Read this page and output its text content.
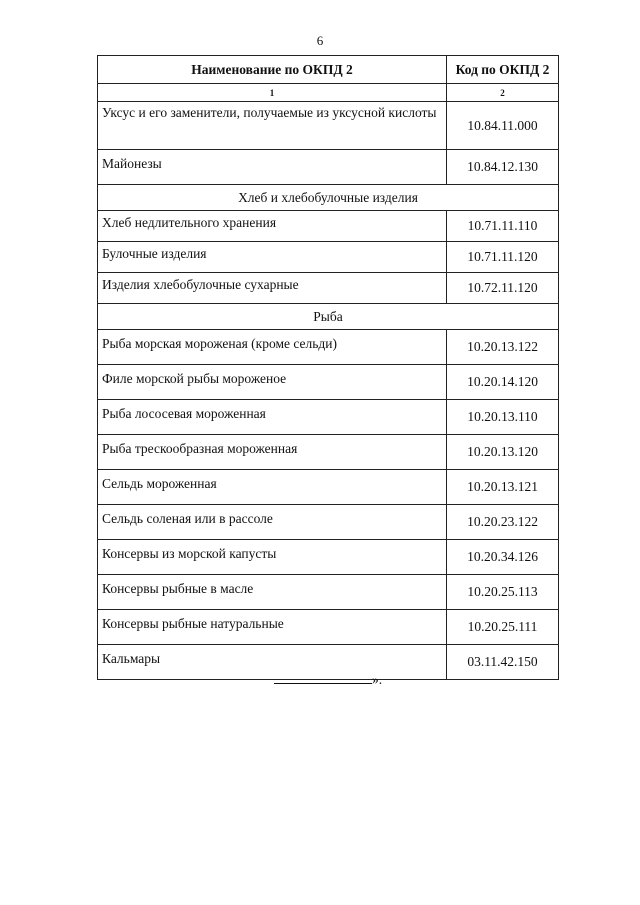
6
Наименование по ОКПД 2	Код по ОКПД 2
1	2
Уксус и его заменители, получаемые из уксусной кислоты	10.84.11.000
Майонезы	10.84.12.130
Хлеб и хлебобулочные изделия	
Хлеб недлительного хранения	10.71.11.110
Булочные изделия	10.71.11.120
Изделия хлебобулочные сухарные	10.72.11.120
Рыба	
Рыба морская мороженая (кроме сельди)	10.20.13.122
Филе морской рыбы мороженое	10.20.14.120
Рыба лососевая мороженная	10.20.13.110
Рыба трескообразная мороженная	10.20.13.120
Сельдь мороженная	10.20.13.121
Сельдь соленая или в рассоле	10.20.23.122
Консервы из морской капусты	10.20.34.126
Консервы рыбные в масле	10.20.25.113
Консервы рыбные натуральные	10.20.25.111
Кальмары	03.11.42.150
».
